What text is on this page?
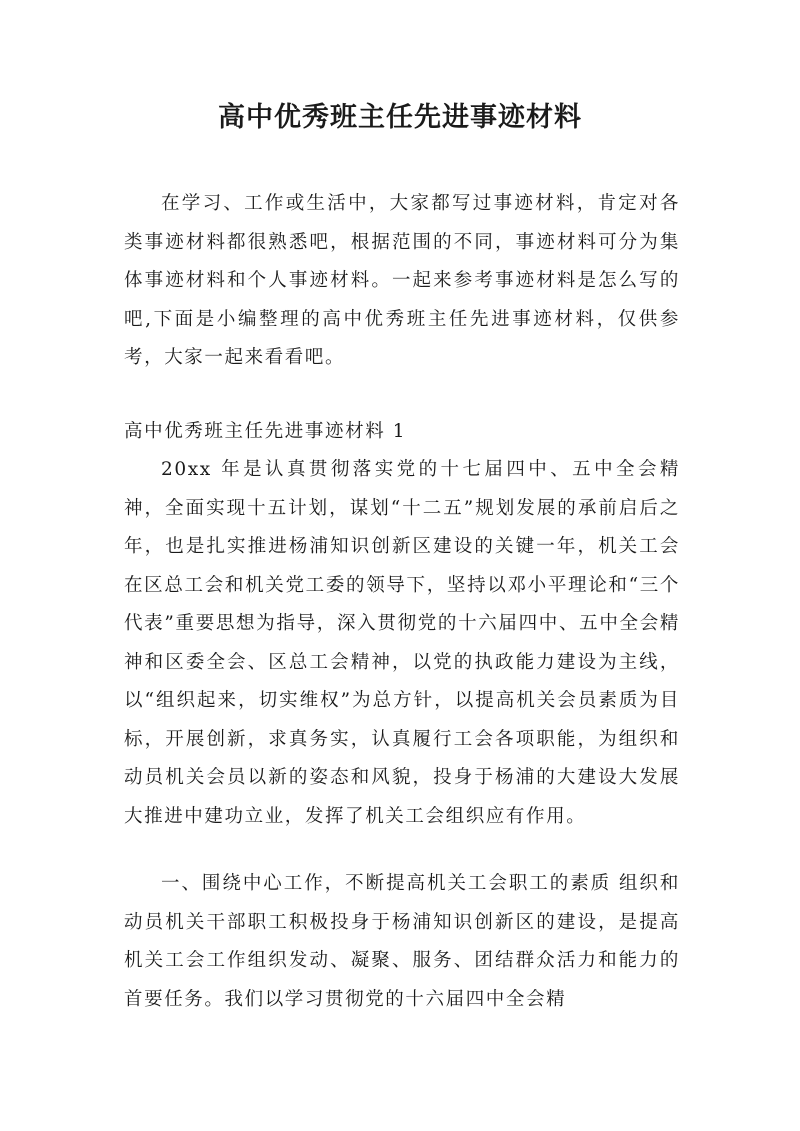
高中优秀班主任先进事迹材料

在学习、工作或生活中，大家都写过事迹材料，肯定对各类事迹材料都很熟悉吧，根据范围的不同，事迹材料可分为集体事迹材料和个人事迹材料。一起来参考事迹材料是怎么写的吧,下面是小编整理的高中优秀班主任先进事迹材料，仅供参考，大家一起来看看吧。

高中优秀班主任先进事迹材料 1

20xx 年是认真贯彻落实党的十七届四中、五中全会精神，全面实现十五计划，谋划“十二五”规划发展的承前启后之年，也是扎实推进杨浦知识创新区建设的关键一年，机关工会在区总工会和机关党工委的领导下，坚持以邓小平理论和“三个代表”重要思想为指导，深入贯彻党的十六届四中、五中全会精神和区委全会、区总工会精神，以党的执政能力建设为主线，以“组织起来，切实维权”为总方针，以提高机关会员素质为目标，开展创新，求真务实，认真履行工会各项职能，为组织和动员机关会员以新的姿态和风貌，投身于杨浦的大建设大发展大推进中建功立业，发挥了机关工会组织应有作用。

一、围绕中心工作，不断提高机关工会职工的素质 组织和动员机关干部职工积极投身于杨浦知识创新区的建设，是提高机关工会工作组织发动、凝聚、服务、团结群众活力和能力的首要任务。我们以学习贯彻党的十六届四中全会精
